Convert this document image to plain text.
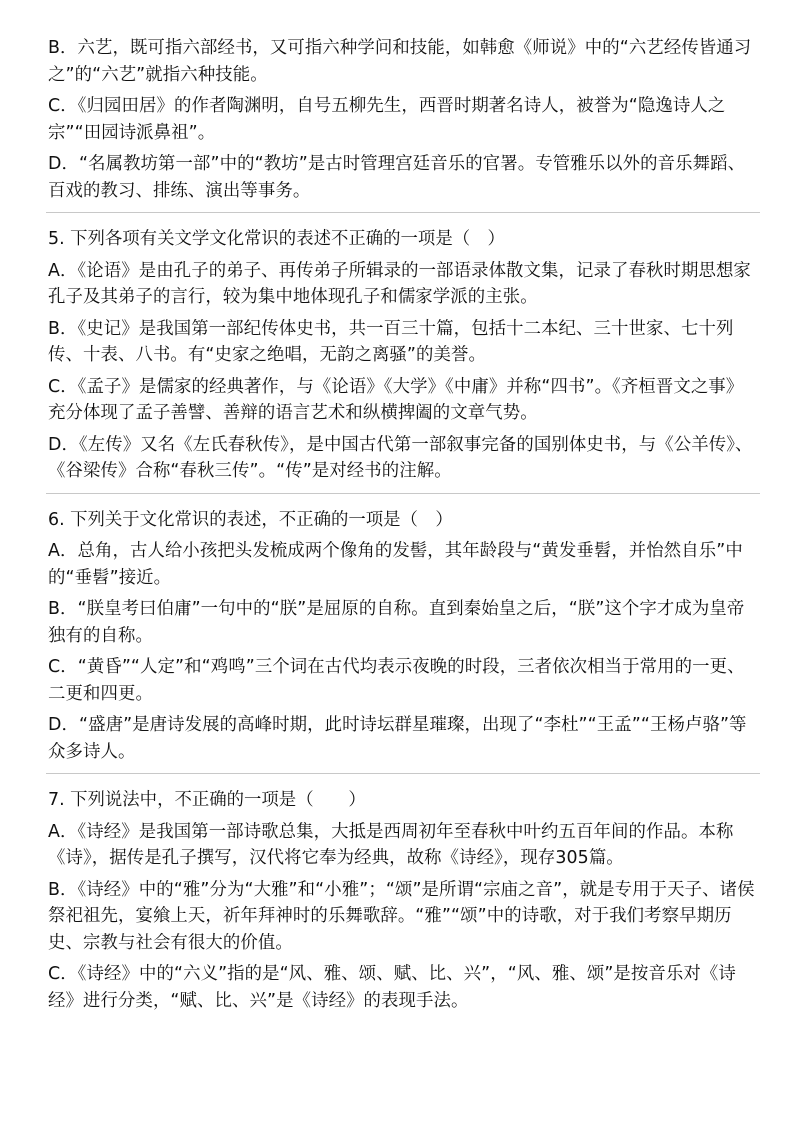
B．六艺，既可指六部经书，又可指六种学问和技能，如韩愈《师说》中的“六艺经传皆通习之”的“六艺”就指六种技能。

C．《归园田居》的作者陶渊明，自号五柳先生，西晋时期著名诗人，被誉为“隐逸诗人之宗”“田园诗派鼻祖”。

D．“名属教坊第一部”中的“教坊”是古时管理宫廷音乐的官署。专管雅乐以外的音乐舞蹈、百戏的教习、排练、演出等事务。

5. 下列各项有关文学文化常识的表述不正确的一项是（　）

A．《论语》是由孔子的弟子、再传弟子所辑录的一部语录体散文集，记录了春秋时期思想家孔子及其弟子的言行，较为集中地体现孔子和儒家学派的主张。

B．《史记》是我国第一部纪传体史书，共一百三十篇，包括十二本纪、三十世家、七十列传、十表、八书。有“史家之绝唱，无韵之离骚”的美誉。

C．《孟子》是儒家的经典著作，与《论语》《大学》《中庸》并称“四书”。《齐桓晋文之事》充分体现了孟子善譬、善辩的语言艺术和纵横捭阖的文章气势。

D．《左传》又名《左氏春秋传》，是中国古代第一部叙事完备的国别体史书，与《公羊传》、《谷梁传》合称“春秋三传”。“传”是对经书的注解。

6. 下列关于文化常识的表述，不正确的一项是（　）

A．总角，古人给小孩把头发梳成两个像角的发髻，其年龄段与“黄发垂髫，并怡然自乐”中的“垂髫”接近。

B．“朕皇考曰伯庸”一句中的“朕”是屈原的自称。直到秦始皇之后，“朕”这个字才成为皇帝独有的自称。

C．“黄昏”“人定”和“鸡鸣”三个词在古代均表示夜晚的时段，三者依次相当于常用的一更、二更和四更。

D．“盛唐”是唐诗发展的高峰时期，此时诗坛群星璀璨，出现了“李杜”“王孟”“王杨卢骆”等众多诗人。

7. 下列说法中，不正确的一项是（　　）

A．《诗经》是我国第一部诗歌总集，大抵是西周初年至春秋中叶约五百年间的作品。本称《诗》，据传是孔子撰写，汉代将它奉为经典，故称《诗经》，现存305篇。

B．《诗经》中的“雅”分为“大雅”和“小雅”；“颂”是所谓“宗庙之音”，就是专用于天子、诸侯祭祀祖先，宴飨上天，祈年拜神时的乐舞歌辞。“雅”“颂”中的诗歌，对于我们考察早期历史、宗教与社会有很大的价值。

C．《诗经》中的“六义”指的是“风、雅、颂、赋、比、兴”，“风、雅、颂”是按音乐对《诗经》进行分类，“赋、比、兴”是《诗经》的表现手法。
